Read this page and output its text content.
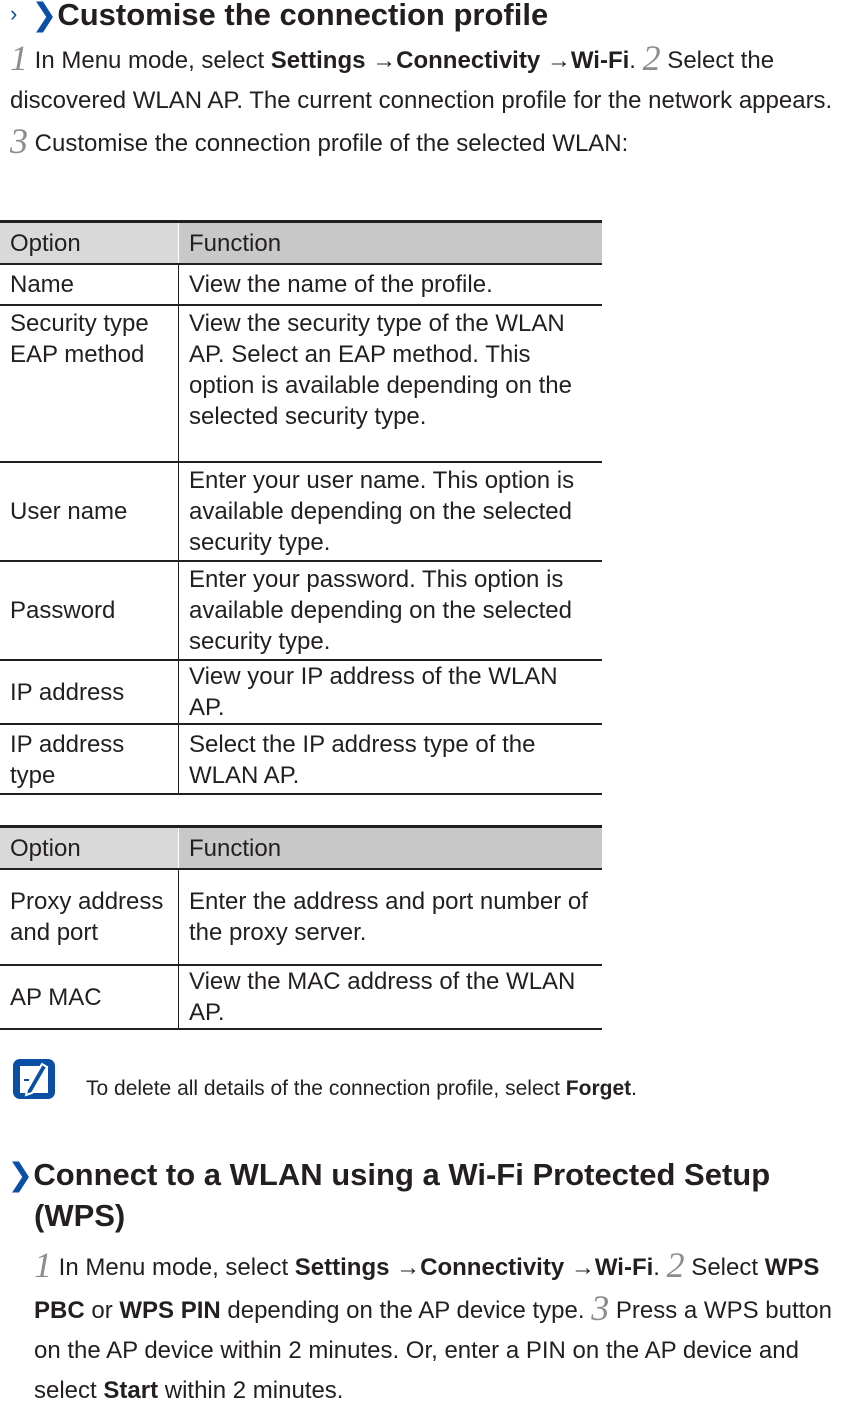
› ❯Customise the connection profile
1 In Menu mode, select Settings →Connectivity →Wi-Fi. 2 Select the discovered WLAN AP. The current connection profile for the network appears. 3 Customise the connection profile of the selected WLAN:
Option	Function
Name	View the name of the profile.
Security type EAP method	View the security type of the WLAN AP. Select an EAP method. This option is available depending on the selected security type.
User name	Enter your user name. This option is available depending on the selected security type.
Password	Enter your password. This option is available depending on the selected security type.
IP address	View your IP address of the WLAN AP.
IP address type	Select the IP address type of the WLAN AP.
Option	Function
Proxy address and port	Enter the address and port number of the proxy server.
AP MAC	View the MAC address of the WLAN AP.
To delete all details of the connection profile, select Forget.
❯Connect to a WLAN using a Wi-Fi Protected Setup (WPS)
1 In Menu mode, select Settings →Connectivity →Wi-Fi. 2 Select WPS PBC or WPS PIN depending on the AP device type. 3 Press a WPS button on the AP device within 2 minutes. Or, enter a PIN on the AP device and select Start within 2 minutes.
